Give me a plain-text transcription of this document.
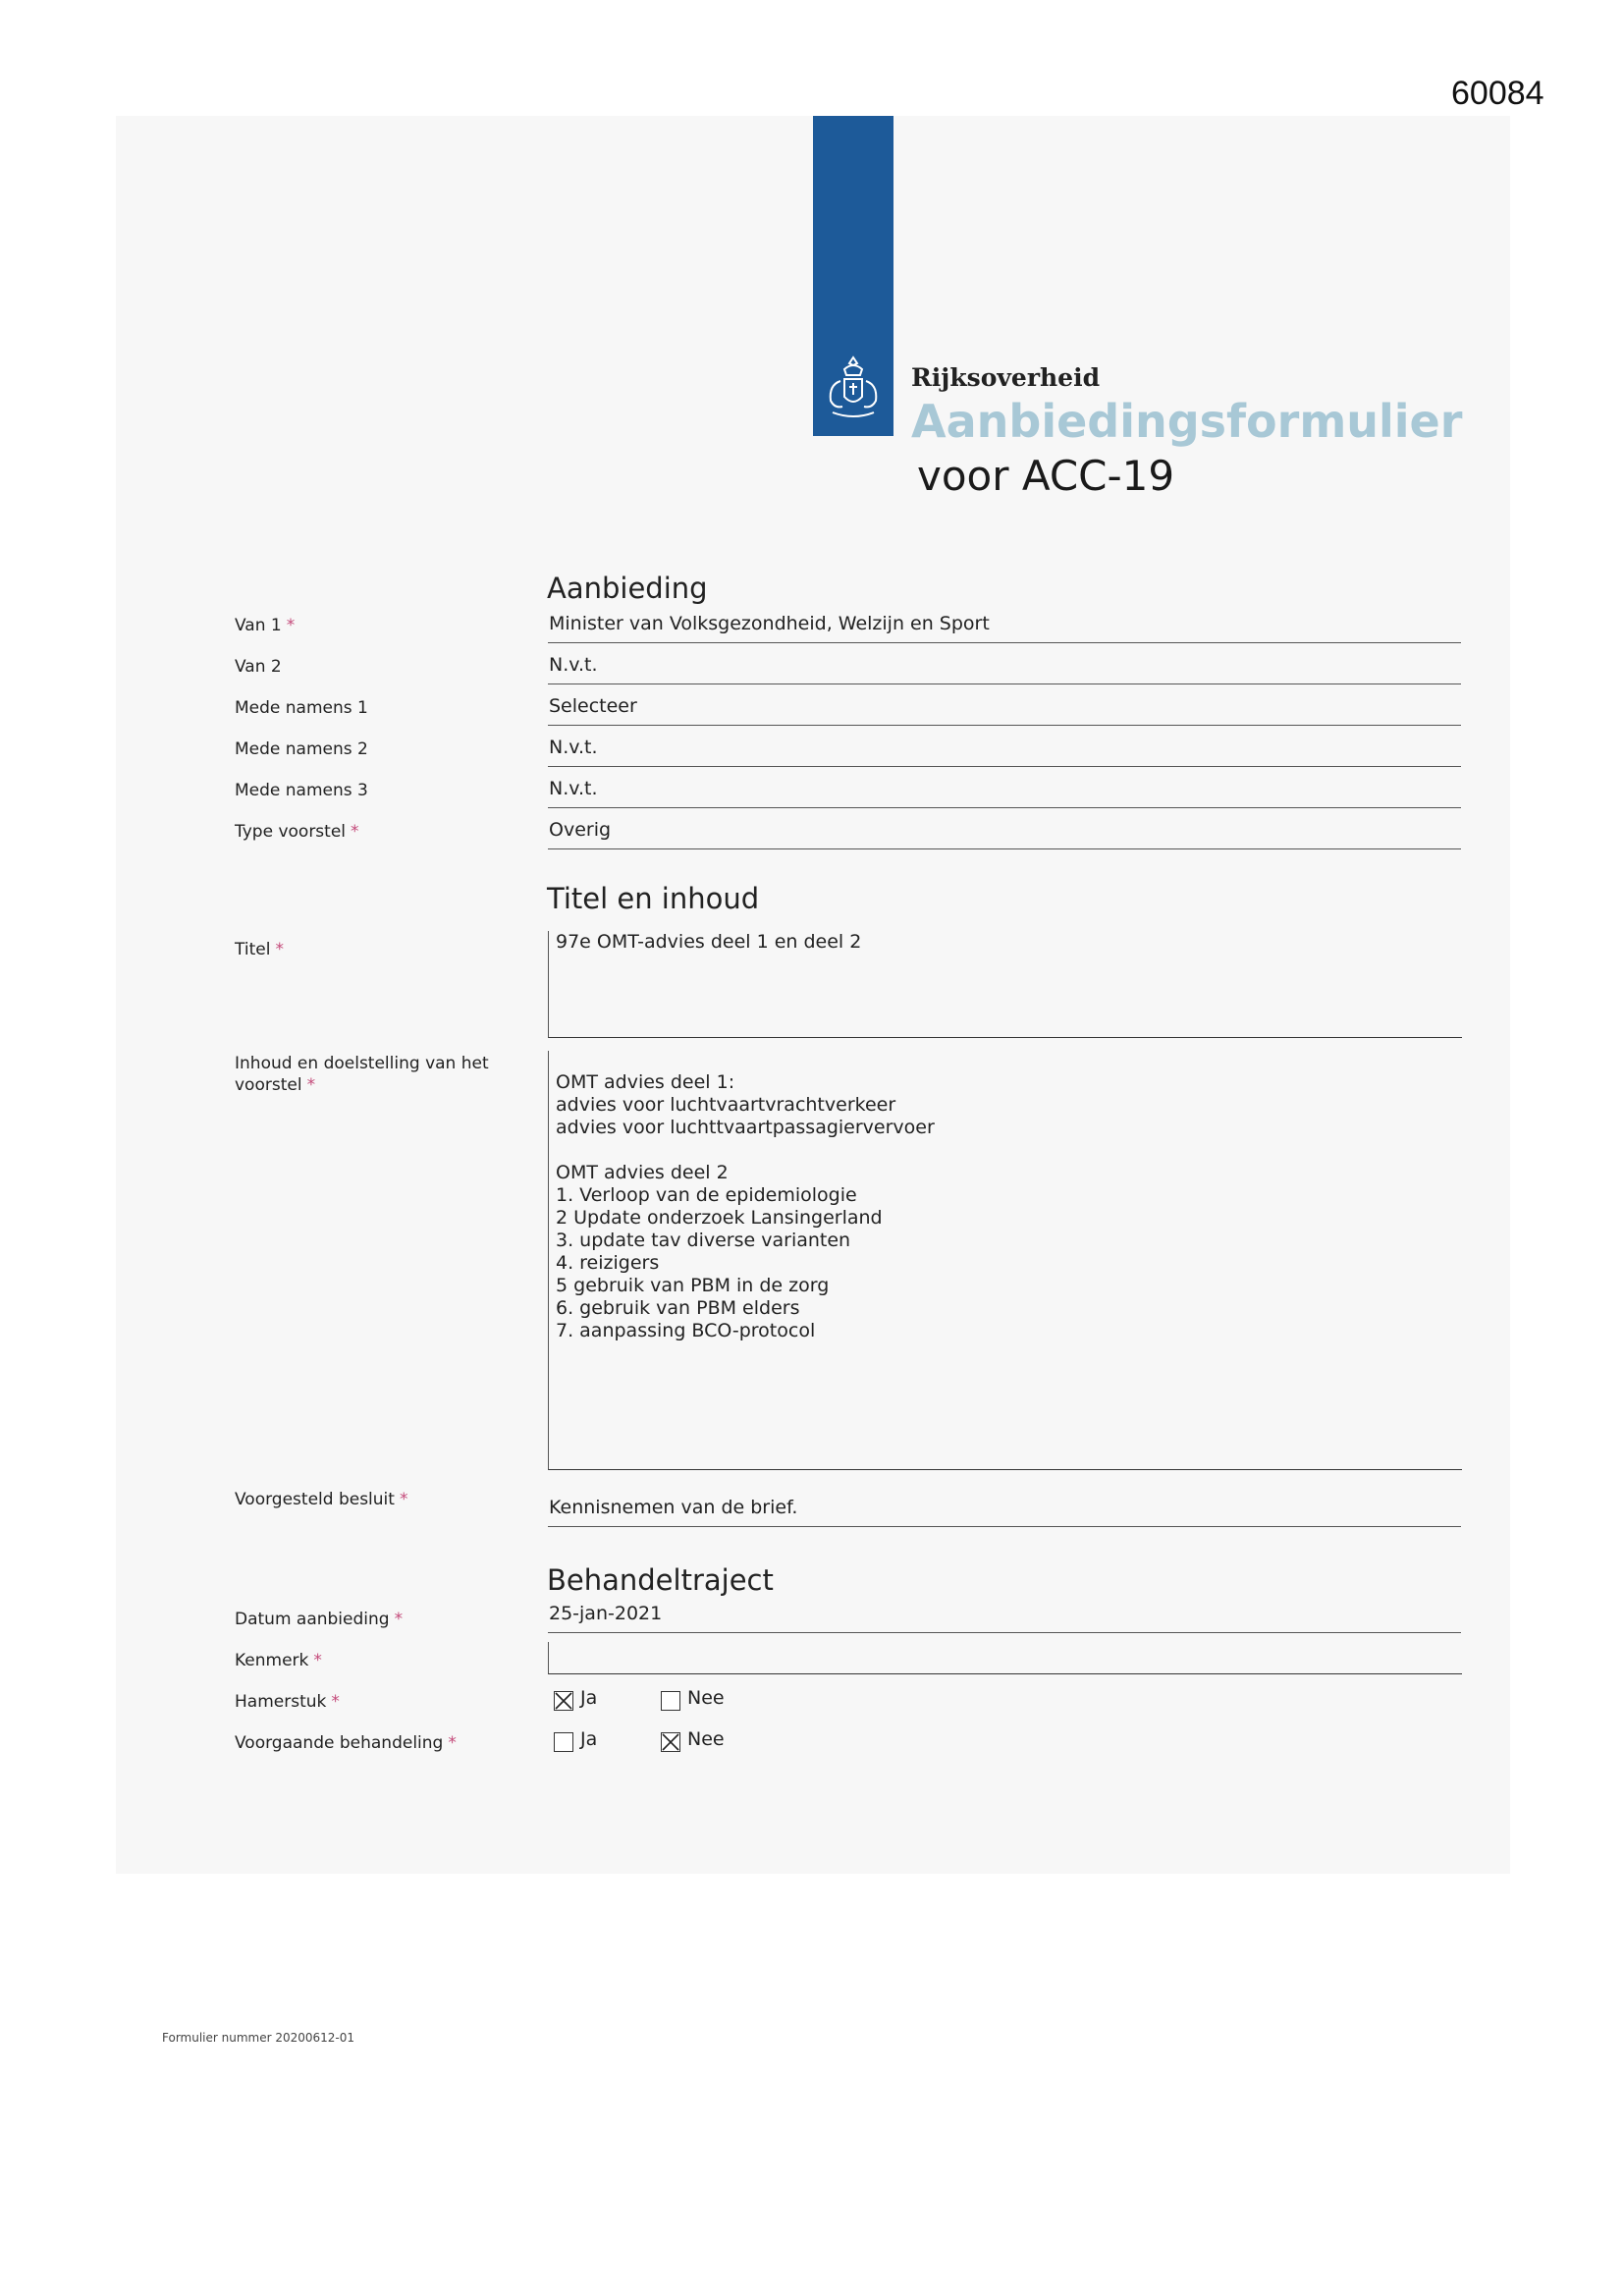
60084
Rijksoverheid
Aanbiedingsformulier
voor ACC-19
Aanbieding
Van 1 *	Minister van Volksgezondheid, Welzijn en Sport
Van 2	N.v.t.
Mede namens 1	Selecteer
Mede namens 2	N.v.t.
Mede namens 3	N.v.t.
Type voorstel *	Overig
Titel en inhoud
Titel *	97e OMT-advies deel 1 en deel 2
Inhoud en doelstelling van het voorstel *	OMT advies deel 1:
advies voor luchtvaartvrachtverkeer
advies voor luchttvaartpassagiervervoer

OMT advies deel 2
1. Verloop van de epidemiologie
2 Update onderzoek Lansingerland
3. update tav diverse varianten
4. reizigers
5 gebruik van PBM in de zorg
6. gebruik van PBM elders
7. aanpassing BCO-protocol
Voorgesteld besluit *	Kennisnemen van de brief.
Behandeltraject
Datum aanbieding *	25-jan-2021
Kenmerk *
Hamerstuk *	Ja	Nee
Voorgaande behandeling *	Ja	Nee
Formulier nummer 20200612-01
